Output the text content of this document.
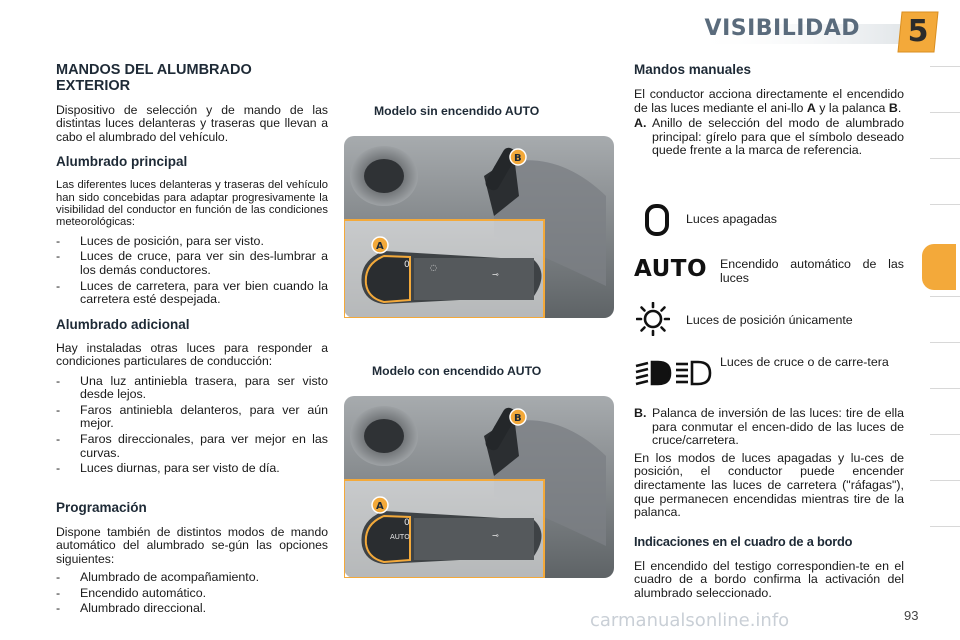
VISIBILIDAD	5
MANDOS DEL ALUMBRADO EXTERIOR

Dispositivo de selección y de mando de las distintas luces delanteras y traseras que llevan a cabo el alumbrado del vehículo.

Alumbrado principal

Las diferentes luces delanteras y traseras del vehículo han sido concebidas para adaptar progresivamente la visibilidad del conductor en función de las condiciones meteorológicas:

- Luces de posición, para ser visto.
- Luces de cruce, para ver sin des-lumbrar a los demás conductores.
- Luces de carretera, para ver bien cuando la carretera esté despejada.
Alumbrado adicional

Hay instaladas otras luces para responder a condiciones particulares de conducción:

- Una luz antiniebla trasera, para ser visto desde lejos.
- Faros antiniebla delanteros, para ver aún mejor.
- Faros direccionales, para ver mejor en las curvas.
- Luces diurnas, para ser visto de día.
Programación

Dispone también de distintos modos de mando automático del alumbrado se-gún las opciones siguientes:

- Alumbrado de acompañamiento.
- Encendido automático.
- Alumbrado direccional.
Modelo sin encendido AUTO
0	◌
⊸
A
B
Modelo con encendido AUTO
0
AUTO	⊸
A
B
Mandos manuales

El conductor acciona directamente el encendido de las luces mediante el ani-llo A y la palanca B.

A. Anillo de selección del modo de alumbrado principal: gírelo para que el símbolo deseado quede frente a la marca de referencia.

Luces apagadas
AUTO Encendido automático de las luces
Luces de posición únicamente
Luces de cruce o de carre-tera
B. Palanca de inversión de las luces: tire de ella para conmutar el encen-dido de las luces de cruce/carretera.

En los modos de luces apagadas y lu-ces de posición, el conductor puede encender directamente las luces de carretera ("ráfagas"), que permanecen encendidas mientras tire de la palanca.

Indicaciones en el cuadro de a bordo

El encendido del testigo correspondien-te en el cuadro de a bordo confirma la activación del alumbrado seleccionado.

carmanualsonline.info	93
